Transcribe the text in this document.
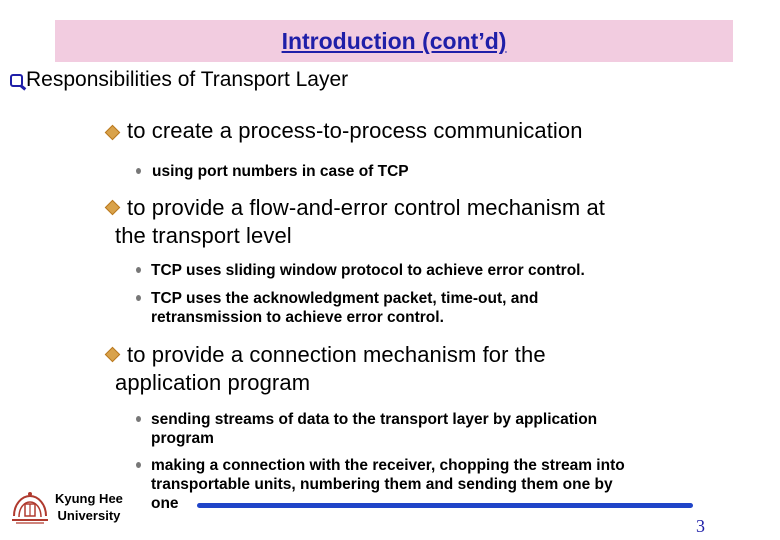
Introduction (cont’d)
Responsibilities of Transport Layer
to create a process-to-process communication
using port numbers in case of TCP
to provide a flow-and-error control mechanism at
the transport level
TCP uses sliding window protocol to achieve error control.
TCP uses the acknowledgment packet, time-out, and
retransmission to achieve error control.
to provide a connection mechanism for the
application program
sending streams of data to the transport layer by application
program
making a connection with the receiver, chopping the stream into
transportable units, numbering them and sending them one by
one
Kyung Hee
University
3
